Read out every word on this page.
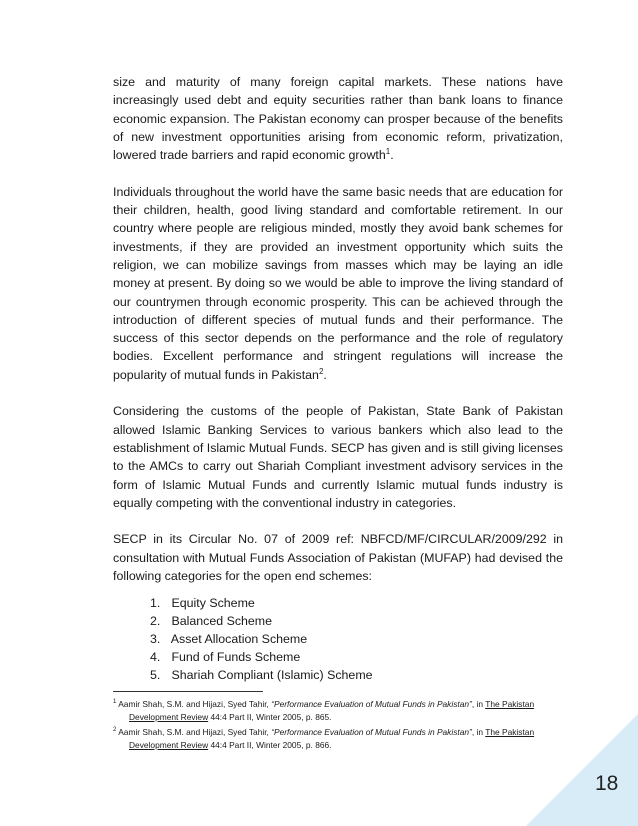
size and maturity of many foreign capital markets. These nations have increasingly used debt and equity securities rather than bank loans to finance economic expansion. The Pakistan economy can prosper because of the benefits of new investment opportunities arising from economic reform, privatization, lowered trade barriers and rapid economic growth$^1$.

Individuals throughout the world have the same basic needs that are education for their children, health, good living standard and comfortable retirement. In our country where people are religious minded, mostly they avoid bank schemes for investments, if they are provided an investment opportunity which suits the religion, we can mobilize savings from masses which may be laying an idle money at present. By doing so we would be able to improve the living standard of our countrymen through economic prosperity. This can be achieved through the introduction of different species of mutual funds and their performance. The success of this sector depends on the performance and the role of regulatory bodies. Excellent performance and stringent regulations will increase the popularity of mutual funds in Pakistan$^2$.

Considering the customs of the people of Pakistan, State Bank of Pakistan allowed Islamic Banking Services to various bankers which also lead to the establishment of Islamic Mutual Funds. SECP has given and is still giving licenses to the AMCs to carry out Shariah Compliant investment advisory services in the form of Islamic Mutual Funds and currently Islamic mutual funds industry is equally competing with the conventional industry in categories.

SECP in its Circular No. 07 of 2009 ref: NBFCD/MF/CIRCULAR/2009/292 in consultation with Mutual Funds Association of Pakistan (MUFAP) had devised the following categories for the open end schemes:

1. Equity Scheme
2. Balanced Scheme
3. Asset Allocation Scheme
4. Fund of Funds Scheme
5. Shariah Compliant (Islamic) Scheme
$^1$ Aamir Shah, S.M. and Hijazi, Syed Tahir, “Performance Evaluation of Mutual Funds in Pakistan”, in The Pakistan Development Review 44:4 Part II, Winter 2005, p. 865.
$^2$ Aamir Shah, S.M. and Hijazi, Syed Tahir, “Performance Evaluation of Mutual Funds in Pakistan”, in The Pakistan Development Review 44:4 Part II, Winter 2005, p. 866.
18
